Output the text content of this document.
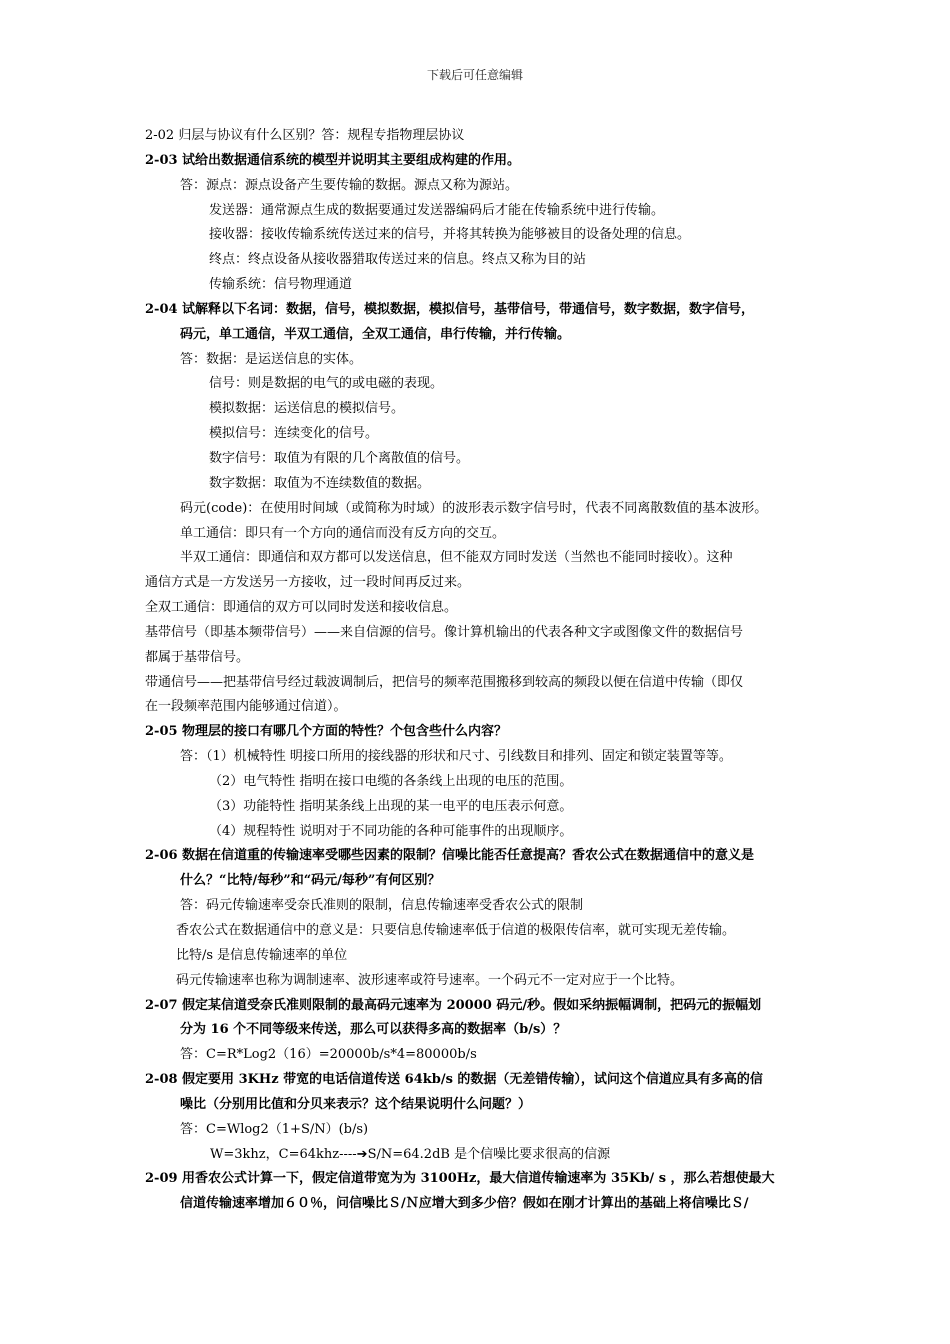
下载后可任意编辑
2-02 归层与协议有什么区别？答：规程专指物理层协议
2-03 试给出数据通信系统的模型并说明其主要组成构建的作用。
答：源点：源点设备产生要传输的数据。源点又称为源站。
发送器：通常源点生成的数据要通过发送器编码后才能在传输系统中进行传输。
接收器：接收传输系统传送过来的信号，并将其转换为能够被目的设备处理的信息。
终点：终点设备从接收器猎取传送过来的信息。终点又称为目的站
传输系统：信号物理通道
2-04 试解释以下名词：数据，信号，模拟数据，模拟信号，基带信号，带通信号，数字数据，数字信号，
码元，单工通信，半双工通信，全双工通信，串行传输，并行传输。
答：数据：是运送信息的实体。
信号：则是数据的电气的或电磁的表现。
模拟数据：运送信息的模拟信号。
模拟信号：连续变化的信号。
数字信号：取值为有限的几个离散值的信号。
数字数据：取值为不连续数值的数据。
码元(code)：在使用时间域（或简称为时域）的波形表示数字信号时，代表不同离散数值的基本波形。
单工通信：即只有一个方向的通信而没有反方向的交互。
半双工通信：即通信和双方都可以发送信息，但不能双方同时发送（当然也不能同时接收）。这种
通信方式是一方发送另一方接收，过一段时间再反过来。
全双工通信：即通信的双方可以同时发送和接收信息。
基带信号（即基本频带信号）——来自信源的信号。像计算机输出的代表各种文字或图像文件的数据信号
都属于基带信号。
带通信号——把基带信号经过载波调制后，把信号的频率范围搬移到较高的频段以便在信道中传输（即仅
在一段频率范围内能够通过信道）。
2-05 物理层的接口有哪几个方面的特性？个包含些什么内容？
答：（1）机械特性 明接口所用的接线器的形状和尺寸、引线数目和排列、固定和锁定装置等等。
（2）电气特性 指明在接口电缆的各条线上出现的电压的范围。
（3）功能特性 指明某条线上出现的某一电平的电压表示何意。
（4）规程特性 说明对于不同功能的各种可能事件的出现顺序。
2-06 数据在信道重的传输速率受哪些因素的限制？信噪比能否任意提高？香农公式在数据通信中的意义是
什么？“比特/每秒”和“码元/每秒”有何区别？
答：码元传输速率受奈氏准则的限制，信息传输速率受香农公式的限制
香农公式在数据通信中的意义是：只要信息传输速率低于信道的极限传信率，就可实现无差传输。
比特/s 是信息传输速率的单位
码元传输速率也称为调制速率、波形速率或符号速率。一个码元不一定对应于一个比特。
2-07 假定某信道受奈氏准则限制的最高码元速率为 20000 码元/秒。假如采纳振幅调制，把码元的振幅划
分为 16 个不同等级来传送，那么可以获得多高的数据率（b/s）？
答：C=R*Log2（16）=20000b/s*4=80000b/s
2-08 假定要用 3KHz 带宽的电话信道传送 64kb/s 的数据（无差错传输），试问这个信道应具有多高的信
噪比（分别用比值和分贝来表示？这个结果说明什么问题？）
答：C=Wlog2（1+S/N）(b/s)
W=3khz，C=64khz----➔S/N=64.2dB 是个信噪比要求很高的信源
2-09 用香农公式计算一下，假定信道带宽为为 3100Hz，最大信道传输速率为 35Kb/ s ，那么若想使最大
信道传输速率增加６０％，问信噪比Ｓ/Ｎ应增大到多少倍？假如在刚才计算出的基础上将信噪比Ｓ/
